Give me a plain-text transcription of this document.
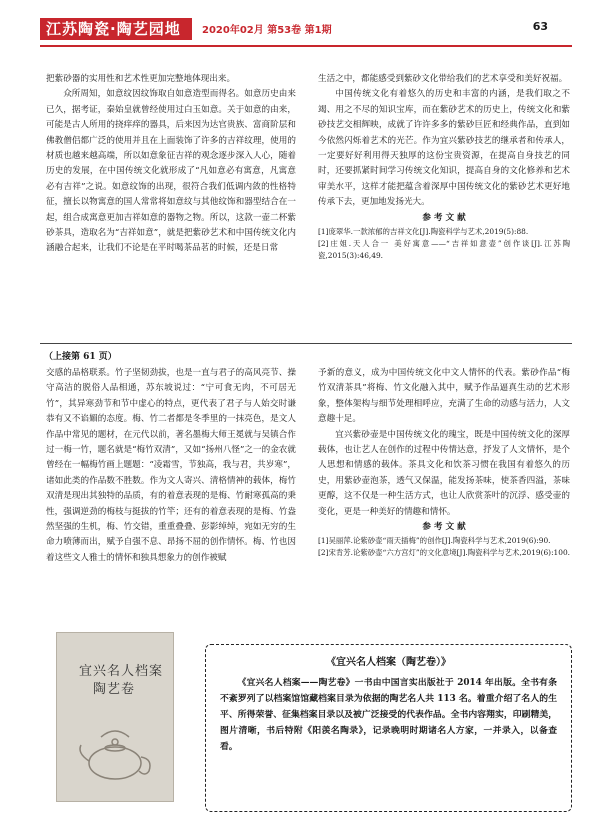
江苏陶瓷·陶艺园地	2020年02月 第53卷 第1期	63

把紫砂器的实用性和艺术性更加完整地体现出来。

众所周知，如意纹因纹饰取自如意造型而得名。如意历史由来已久，据考证，秦始皇就曾经使用过白玉如意。关于如意的由来，可能是古人所用的挠痒痒的器具，后来因为达官贵族、富商阶层和佛教僧侣都广泛的使用并且在上面装饰了许多的吉祥纹理，使用的材质也越来越高端，所以如意象征吉祥的观念逐步深入人心，随着历史的发展，在中国传统文化就形成了“凡如意必有寓意，凡寓意必有吉祥”之说。如意纹饰的出现，很符合我们低调内敛的性格特征，擅长以物寓意的国人常常将如意纹与其他纹饰和器型结合在一起，组合成寓意更加吉祥如意的器物之物。所以，这款一壶二杯紫砂茶具，造取名为“吉祥如意”，就是把紫砂艺术和中国传统文化内涵融合起来，让我们不论是在平时喝茶品茗的时候，还是日常

生活之中，都能感受到紫砂文化带给我们的艺术享受和美好祝福。

中国传统文化有着悠久的历史和丰富的内涵，是我们取之不竭、用之不尽的知识宝库，而在紫砂艺术的历史上，传统文化和紫砂技艺交相辉映，成就了许许多多的紫砂巨匠和经典作品，直到如今依然闪烁着艺术的光芒。作为宜兴紫砂技艺的继承者和传承人，一定要好好利用得天独厚的这份宝贵资源，在提高自身技艺的同时，还要抓紧时间学习传统文化知识，提高自身的文化修养和艺术审美水平，这样才能把蕴含着深厚中国传统文化的紫砂艺术更好地传承下去，更加地发扬光大。

参 考 文 献

[1]庞翠华.一款浓郁的吉祥文化[J].陶瓷科学与艺术,2019(5):88.

[2]庄姐.天人合一 美好寓意——“吉祥如意壶”创作谈[J].江苏陶瓷,2015(3):46,49.

（上接第 61 页）

交感的品格联系。竹子坚韧劲拔，也是一直与君子的高风亮节、操守高洁的脱俗人品相通，苏东坡说过：“宁可食无肉，不可居无竹”，其异寒劲节和节中虚心的特点，更代表了君子与人始交时谦恭有又不谄媚的态度。梅、竹二者都是冬季里的一抹亮色，是文人作品中常见的题材，在元代以前，著名墨梅大师王冕就与吴镇合作过一梅一竹，题名就是“梅竹双清”，又如“扬州八怪”之一的金农就曾经在一幅梅竹画上题题：“凌霜雪，节独高，我与君，共岁寒”，诸如此类的作品数不胜数。作为文人寄兴、清格情神的载体，梅竹双清是现出其独特的品质，有的着意表现的是梅、竹耐寒孤高的秉性，强调逆劲的梅枝与挺拔的竹竿；还有的着意表现的是梅、竹盎然坚强的生机，梅、竹交错，重重叠叠、彭影绰绰，宛如无穷的生命力喷薄而出，赋予自强不息、昂扬不屈的创作情怀。梅、竹也因着这些文人雅士的情怀和独具想象力的创作被赋

予新的意义，成为中国传统文化中文人情怀的代表。紫砂作品“梅竹双清茶具”将梅、竹文化融入其中，赋予作品逼真生动的艺术形象，整体架构与细节处理相呼应，充满了生命的动感与活力，人文意趣十足。

宜兴紫砂壶是中国传统文化的瑰宝，既是中国传统文化的深厚载体，也让艺人在创作的过程中传情达意，抒发了人文情怀，是个人思想和情感的载体。茶具文化和饮茶习惯在我国有着悠久的历史，用紫砂壶泡茶，透气又保温，能发扬茶味，使茶香四溢，茶味更醇，这不仅是一种生活方式，也让人欣赏茶叶的沉浮、感受壶的变化，更是一种美好的情趣和情怀。

参 考 文 献

[1]吴丽萍.论紫砂壶“雨天插梅”的创作[J].陶瓷科学与艺术,2019(6):90.

[2]宋肯芳.论紫砂壶“六方宫灯”的文化意境[J].陶瓷科学与艺术,2019(6):100.

宜兴名人档案
陶艺卷
《宜兴名人档案（陶艺卷）》
《宜兴名人档案——陶艺卷》一书由中国言实出版社于 2014 年出版。全书有条不紊罗列了以档案馆馆藏档案目录为依据的陶艺名人共 113 名。着重介绍了名人的生平、所得荣誉、征集档案目录以及被广泛接受的代表作品。全书内容翔实，印刷精美，图片清晰，书后特附《阳羡名陶录》，记录晚明时期诸名人方家，一并录入，以备查看。
